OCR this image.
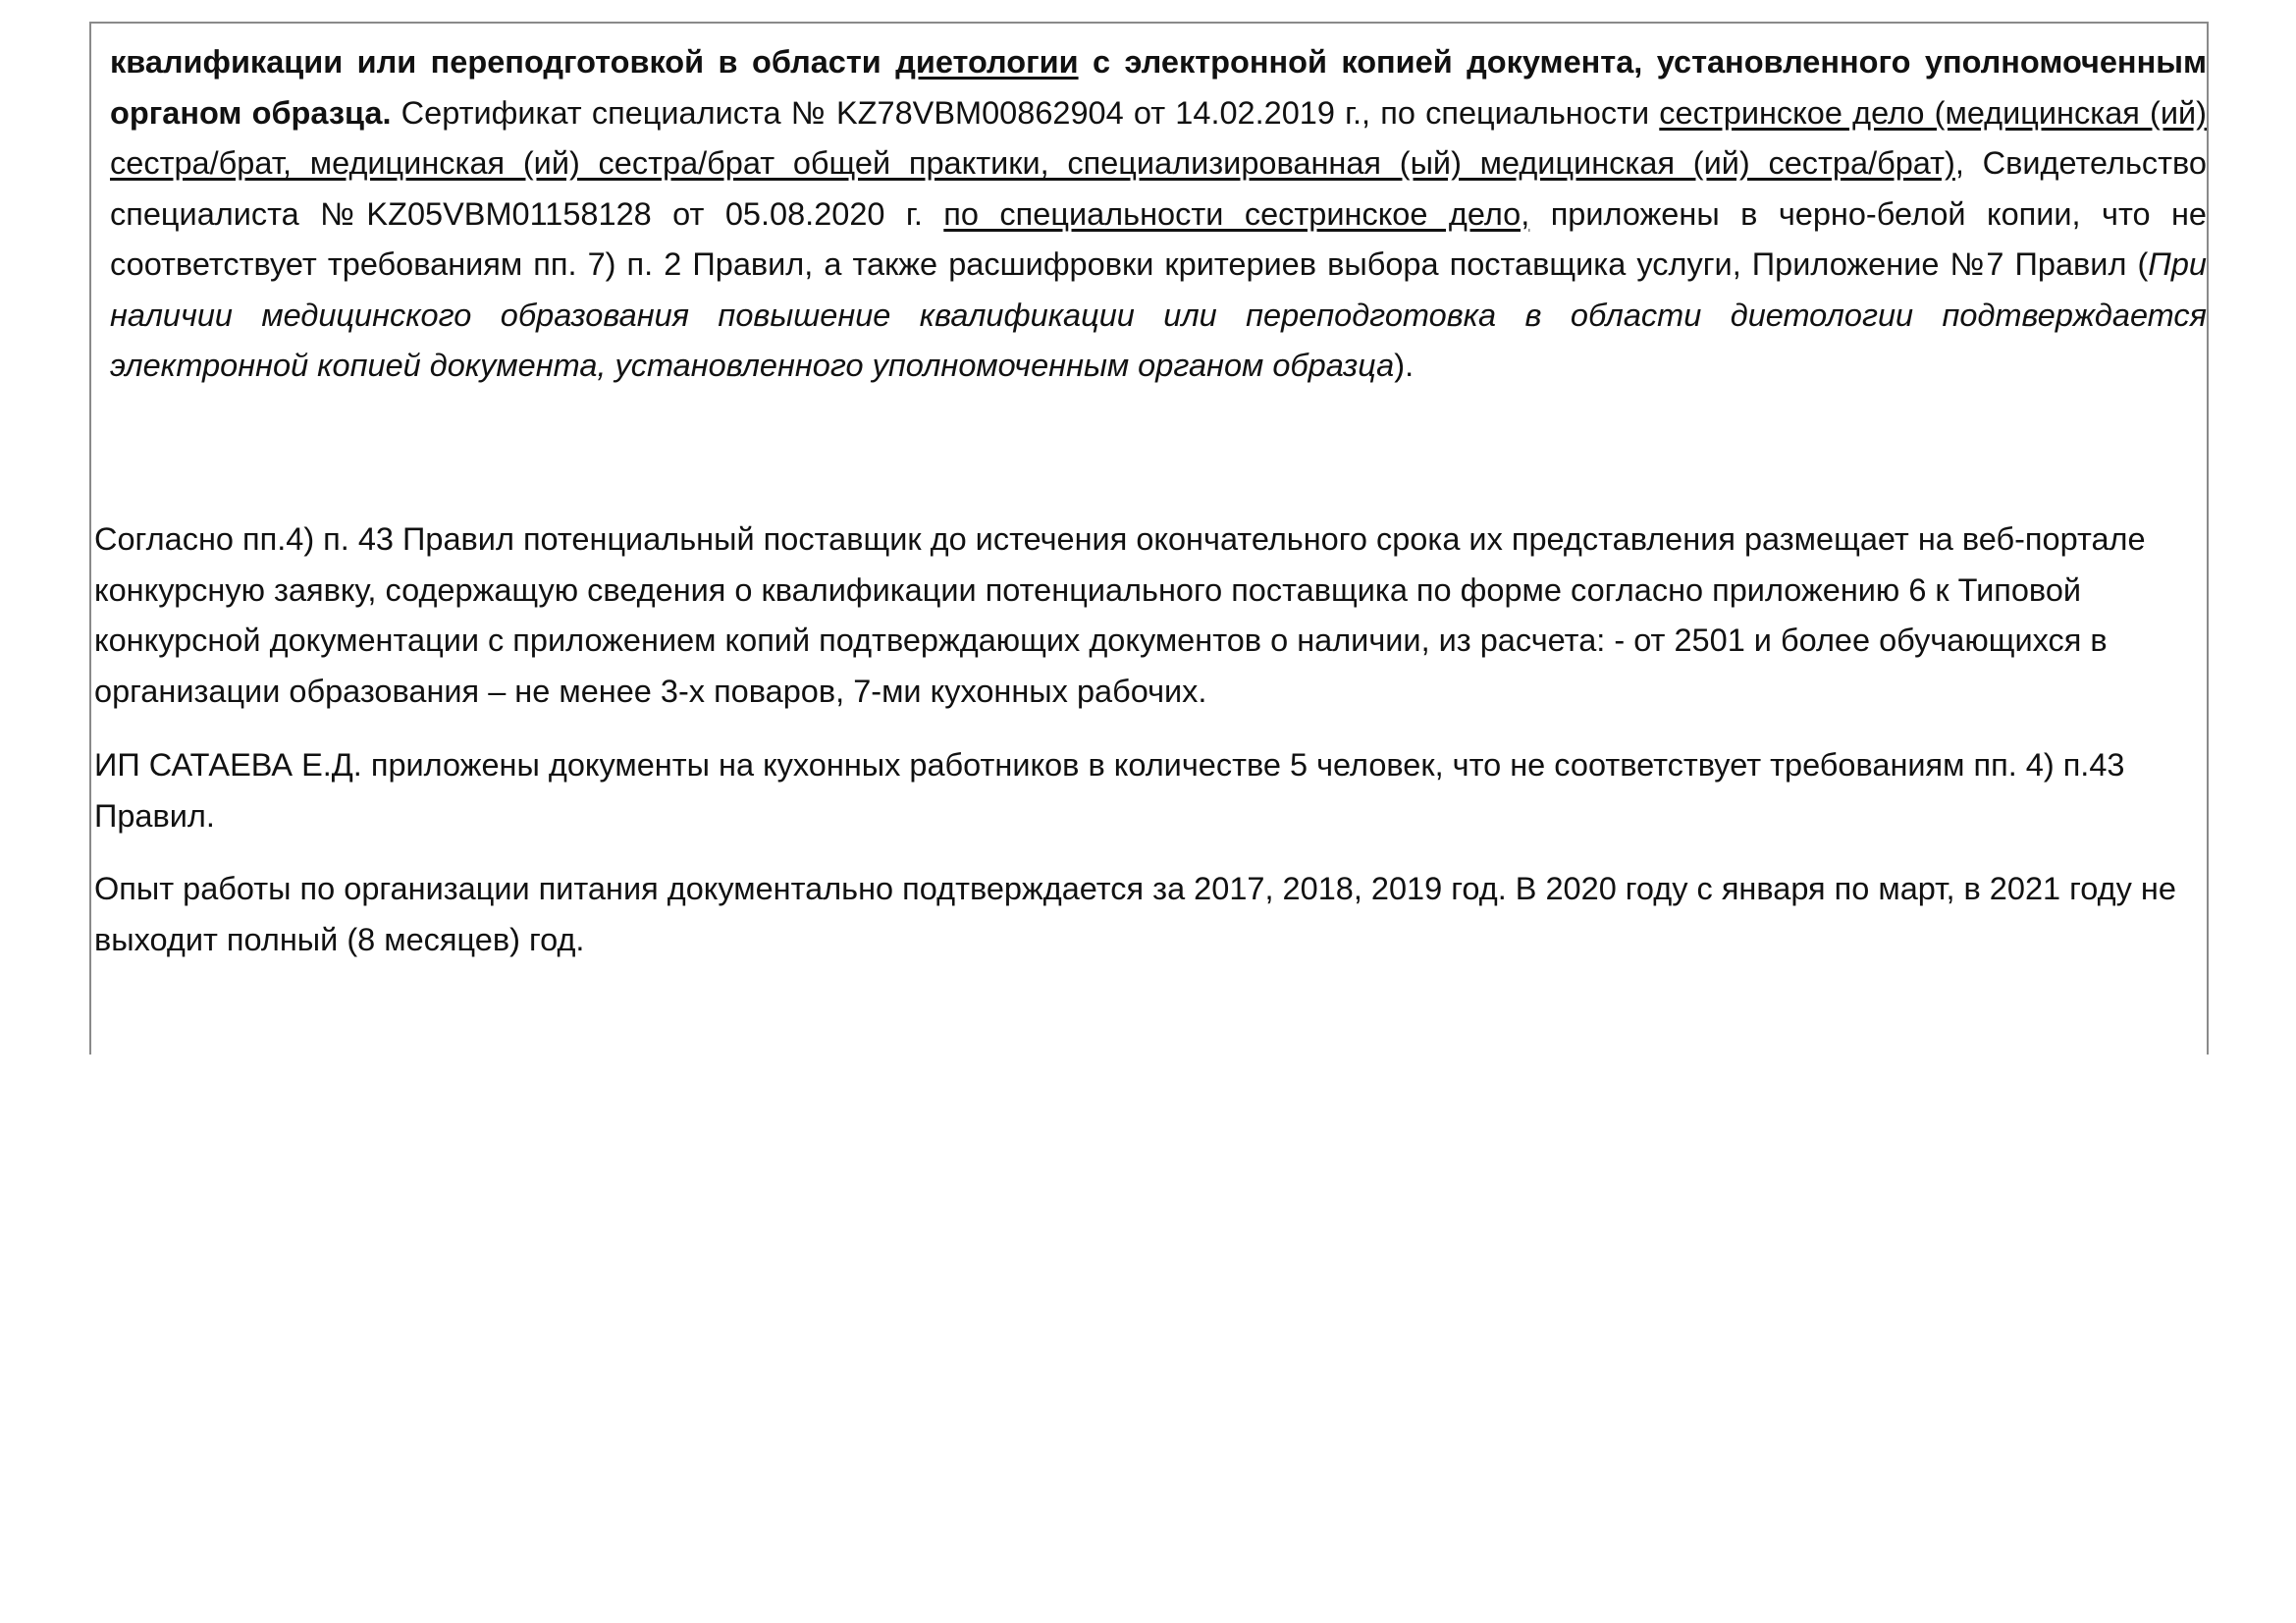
квалификации или переподготовкой в области диетологии с электронной копией документа, установленного уполномоченным органом образца. Сертификат специалиста № KZ78VBM00862904 от 14.02.2019 г., по специальности сестринское дело (медицинская (ий) сестра/брат, медицинская (ий) сестра/брат общей практики, специализированная (ый) медицинская (ий) сестра/брат), Свидетельство специалиста №KZ05VBM01158128 от 05.08.2020 г. по специальности сестринское дело, приложены в черно-белой копии, что не соответствует требованиям пп. 7) п. 2 Правил, а также расшифровки критериев выбора поставщика услуги, Приложение №7 Правил (При наличии медицинского образования повышение квалификации или переподготовка в области диетологии подтверждается электронной копией документа, установленного уполномоченным органом образца).

Согласно пп.4) п. 43 Правил потенциальный поставщик до истечения окончательного срока их представления размещает на веб-портале конкурсную заявку, содержащую сведения о квалификации потенциального поставщика по форме согласно приложению 6 к Типовой конкурсной документации с приложением копий подтверждающих документов о наличии, из расчета: - от 2501 и более обучающихся в организации образования – не менее 3-х поваров, 7-ми кухонных рабочих.

ИП САТАЕВА Е.Д. приложены документы на кухонных работников в количестве 5 человек, что не соответствует требованиям пп. 4) п.43 Правил.

Опыт работы по организации питания документально подтверждается за 2017, 2018, 2019 год. В 2020 году с января по март, в 2021 году не выходит полный (8 месяцев) год.
